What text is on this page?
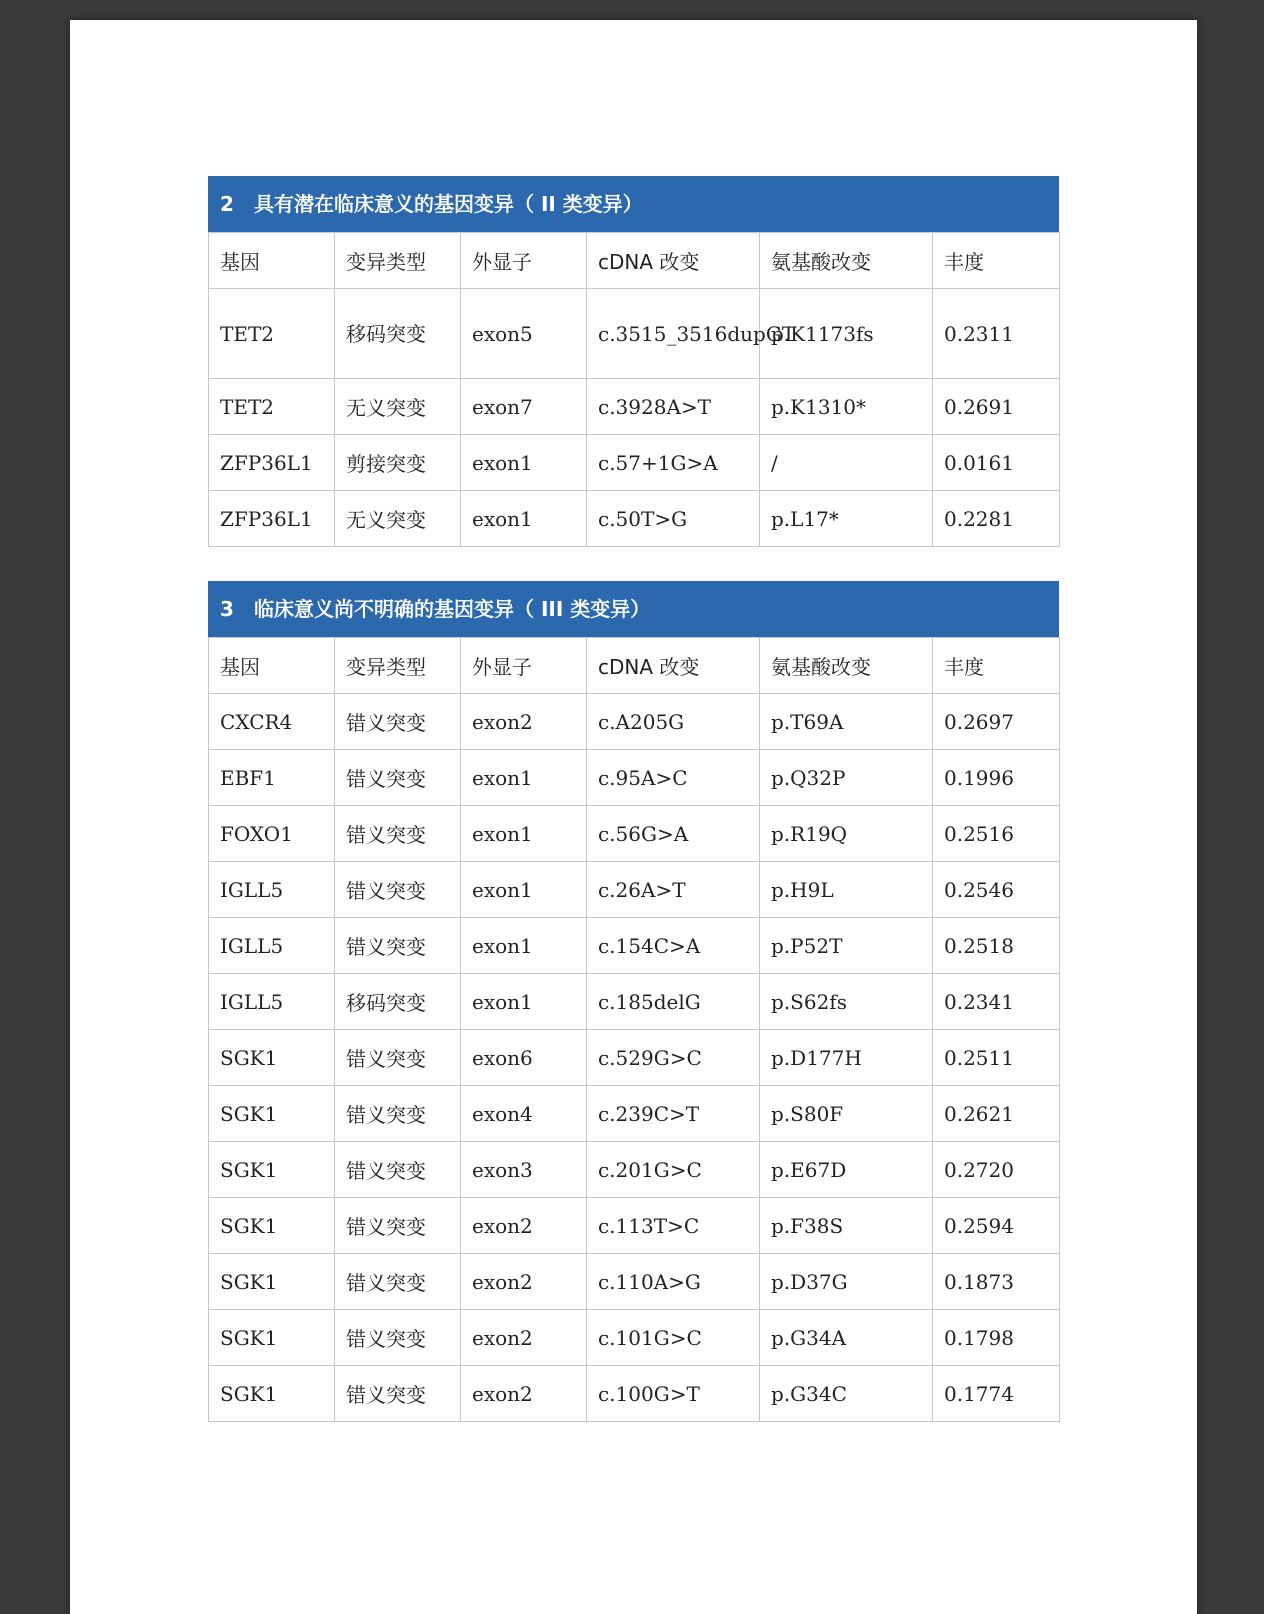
2 具有潜在临床意义的基因变异（ II 类变异）
基因	变异类型	外显子	cDNA 改变	氨基酸改变	丰度
TET2	移码突变	exon5	c.3515_3516dupGT	p.K1173fs	0.2311
TET2	无义突变	exon7	c.3928A>T	p.K1310*	0.2691
ZFP36L1	剪接突变	exon1	c.57+1G>A	/	0.0161
ZFP36L1	无义突变	exon1	c.50T>G	p.L17*	0.2281
3 临床意义尚不明确的基因变异（ III 类变异）
基因	变异类型	外显子	cDNA 改变	氨基酸改变	丰度
CXCR4	错义突变	exon2	c.A205G	p.T69A	0.2697
EBF1	错义突变	exon1	c.95A>C	p.Q32P	0.1996
FOXO1	错义突变	exon1	c.56G>A	p.R19Q	0.2516
IGLL5	错义突变	exon1	c.26A>T	p.H9L	0.2546
IGLL5	错义突变	exon1	c.154C>A	p.P52T	0.2518
IGLL5	移码突变	exon1	c.185delG	p.S62fs	0.2341
SGK1	错义突变	exon6	c.529G>C	p.D177H	0.2511
SGK1	错义突变	exon4	c.239C>T	p.S80F	0.2621
SGK1	错义突变	exon3	c.201G>C	p.E67D	0.2720
SGK1	错义突变	exon2	c.113T>C	p.F38S	0.2594
SGK1	错义突变	exon2	c.110A>G	p.D37G	0.1873
SGK1	错义突变	exon2	c.101G>C	p.G34A	0.1798
SGK1	错义突变	exon2	c.100G>T	p.G34C	0.1774
